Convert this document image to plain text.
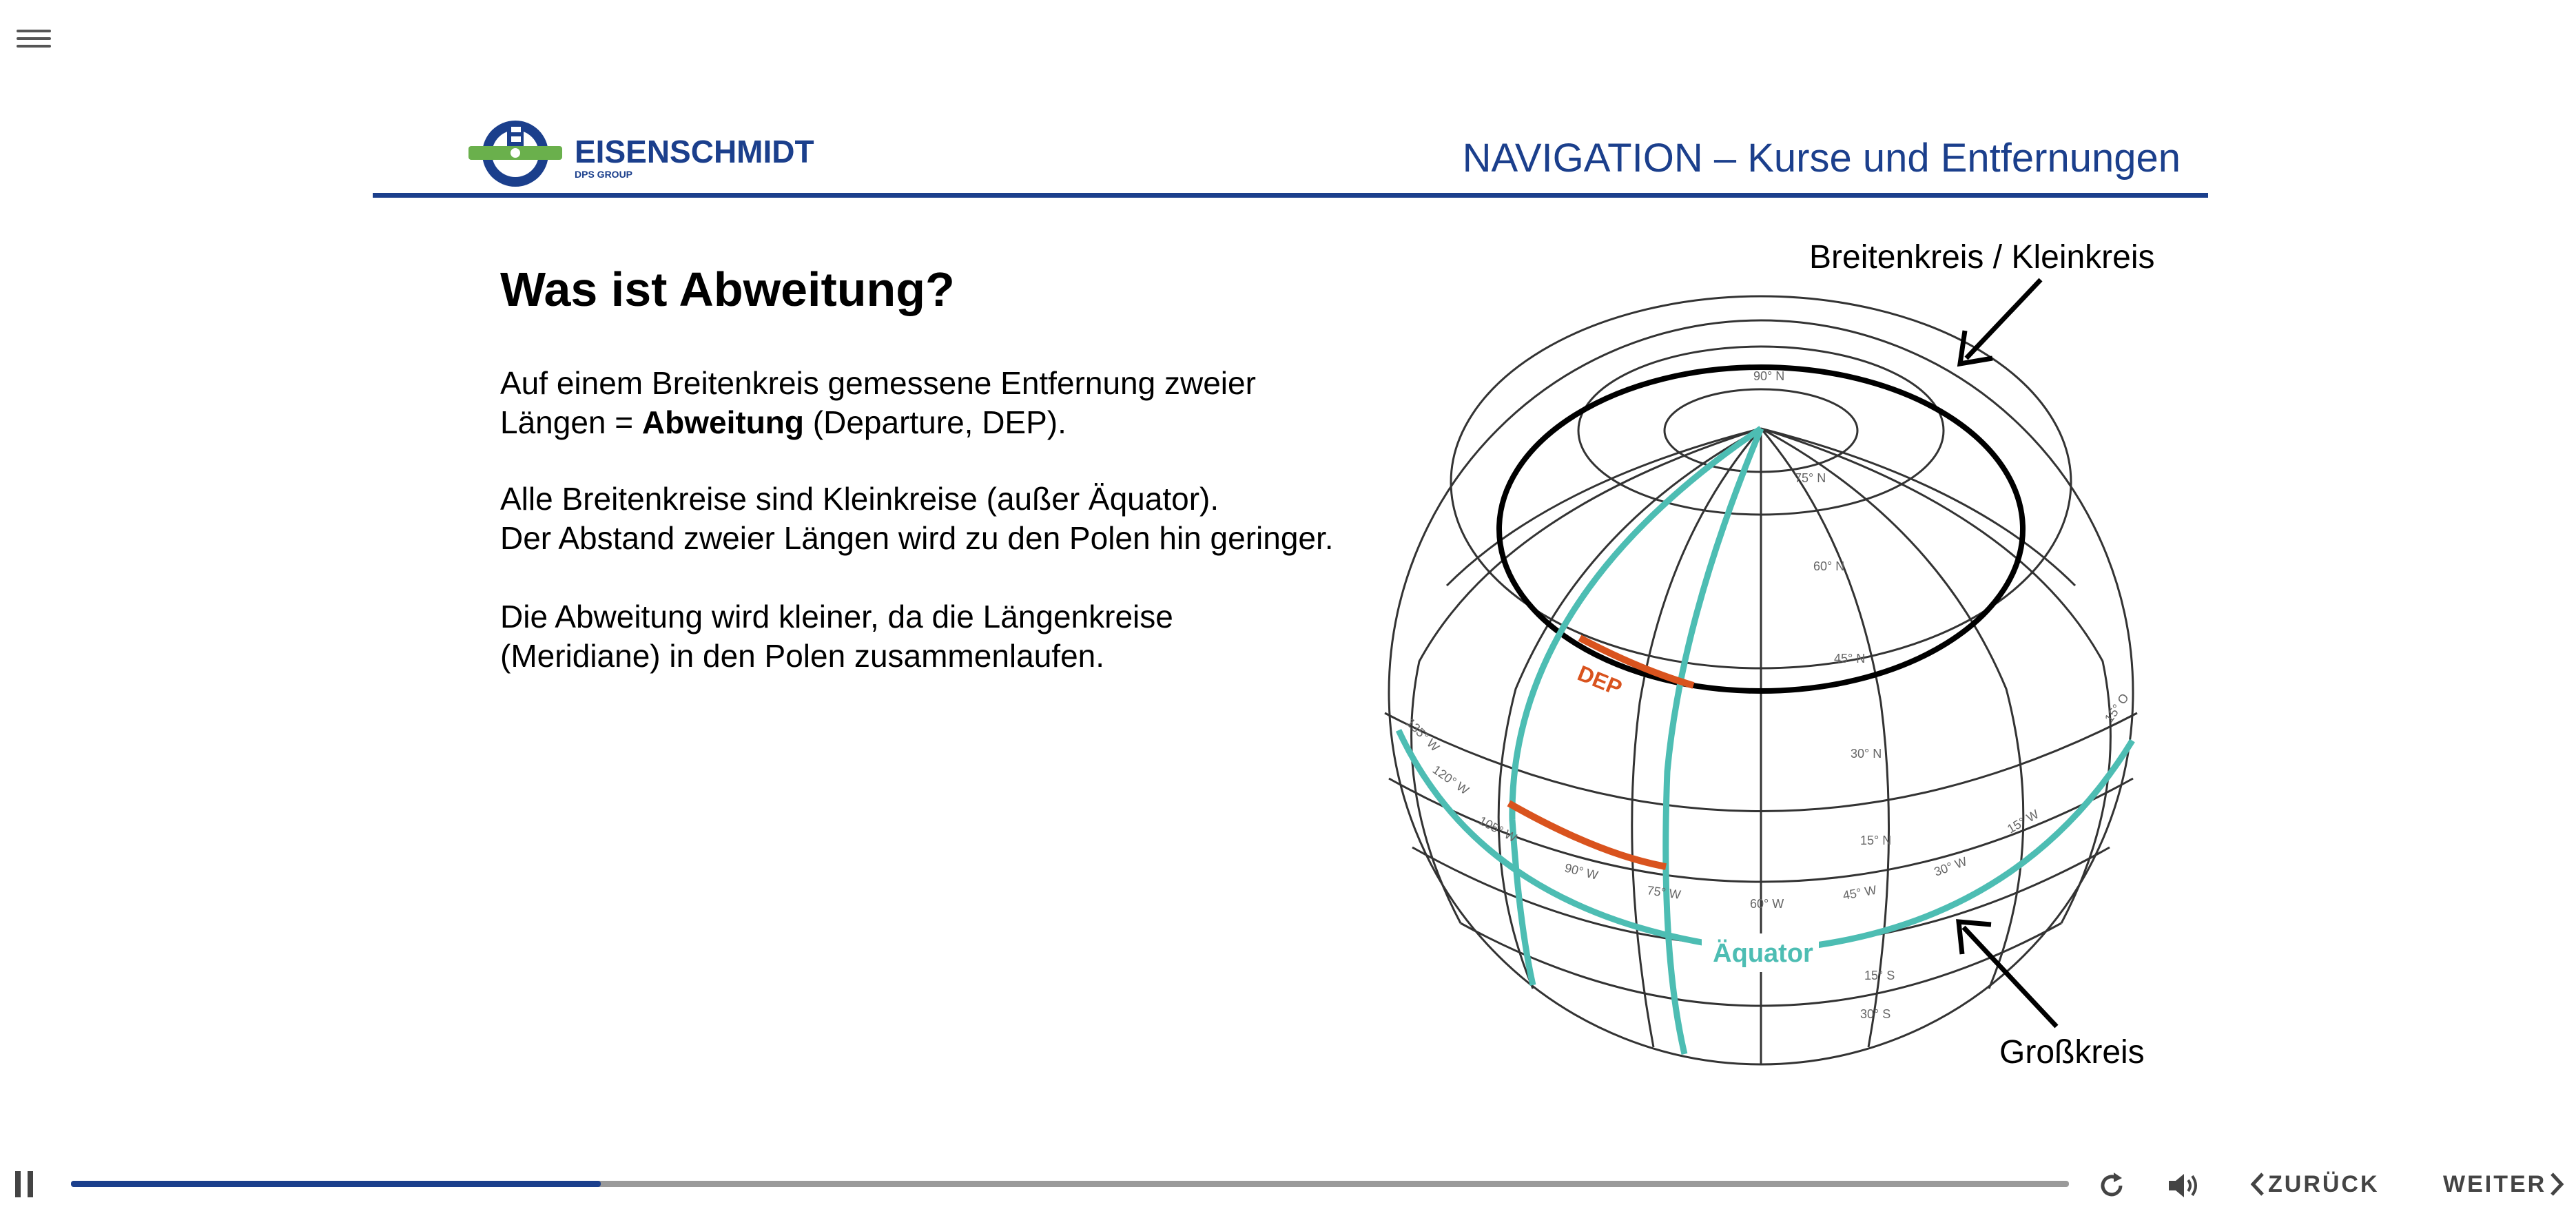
EISENSCHMIDT
DPS GROUP	NAVIGATION – Kurse und Entfernungen
Was ist Abweitung?
Auf einem Breitenkreis gemessene Entfernung zweier Längen = Abweitung (Departure, DEP).
Alle Breitenkreise sind Kleinkreise (außer Äquator).
Der Abstand zweier Längen wird zu den Polen hin geringer.
Die Abweitung wird kleiner, da die Längenkreise (Meridiane) in den Polen zusammenlaufen.
Äquator
DEP
90° N
75° N
60° N
45° N
30° N
15° N
15° S
30° S
135° W
120° W
105° W
90° W
75° W
60° W
45° W
30° W
15° W
15° O
Breitenkreis / Kleinkreis
Großkreis
ZURÜCK	WEITER
